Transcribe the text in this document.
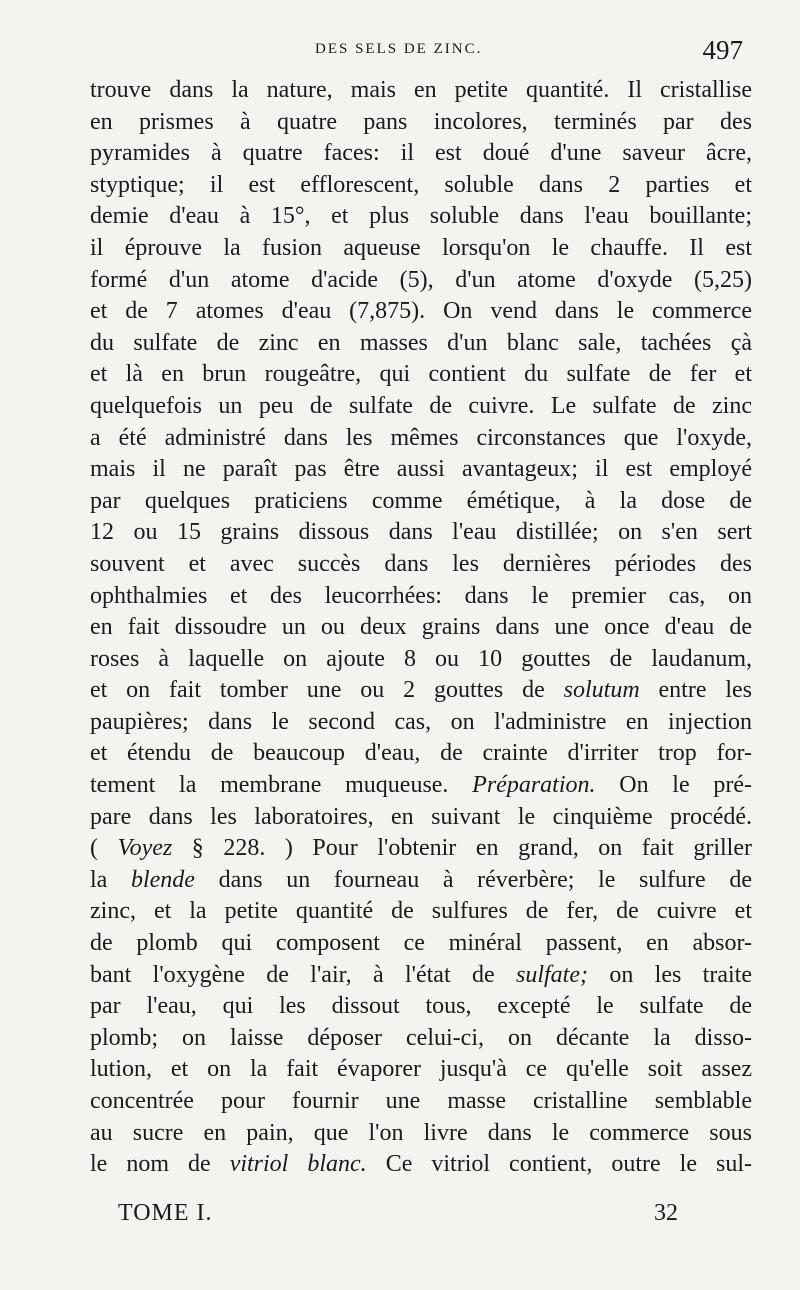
DES SELS DE ZINC.	497
trouve dans la nature, mais en petite quantité. Il cristallise
en prismes à quatre pans incolores, terminés par des
pyramides à quatre faces: il est doué d'une saveur âcre,
styptique; il est efflorescent, soluble dans 2 parties et
demie d'eau à 15°, et plus soluble dans l'eau bouillante;
il éprouve la fusion aqueuse lorsqu'on le chauffe. Il est
formé d'un atome d'acide (5), d'un atome d'oxyde (5,25)
et de 7 atomes d'eau (7,875). On vend dans le commerce
du sulfate de zinc en masses d'un blanc sale, tachées çà
et là en brun rougeâtre, qui contient du sulfate de fer et
quelquefois un peu de sulfate de cuivre. Le sulfate de zinc
a été administré dans les mêmes circonstances que l'oxyde,
mais il ne paraît pas être aussi avantageux; il est employé
par quelques praticiens comme émétique, à la dose de
12 ou 15 grains dissous dans l'eau distillée; on s'en sert
souvent et avec succès dans les dernières périodes des
ophthalmies et des leucorrhées: dans le premier cas, on
en fait dissoudre un ou deux grains dans une once d'eau de
roses à laquelle on ajoute 8 ou 10 gouttes de laudanum,
et on fait tomber une ou 2 gouttes de solutum entre les
paupières; dans le second cas, on l'administre en injection
et étendu de beaucoup d'eau, de crainte d'irriter trop for-
tement la membrane muqueuse. Préparation. On le pré-
pare dans les laboratoires, en suivant le cinquième procédé.
( Voyez § 228. ) Pour l'obtenir en grand, on fait griller
la blende dans un fourneau à réverbère; le sulfure de
zinc, et la petite quantité de sulfures de fer, de cuivre et
de plomb qui composent ce minéral passent, en absor-
bant l'oxygène de l'air, à l'état de sulfate; on les traite
par l'eau, qui les dissout tous, excepté le sulfate de
plomb; on laisse déposer celui-ci, on décante la disso-
lution, et on la fait évaporer jusqu'à ce qu'elle soit assez
concentrée pour fournir une masse cristalline semblable
au sucre en pain, que l'on livre dans le commerce sous
le nom de vitriol blanc. Ce vitriol contient, outre le sul-
TOME I.	32
